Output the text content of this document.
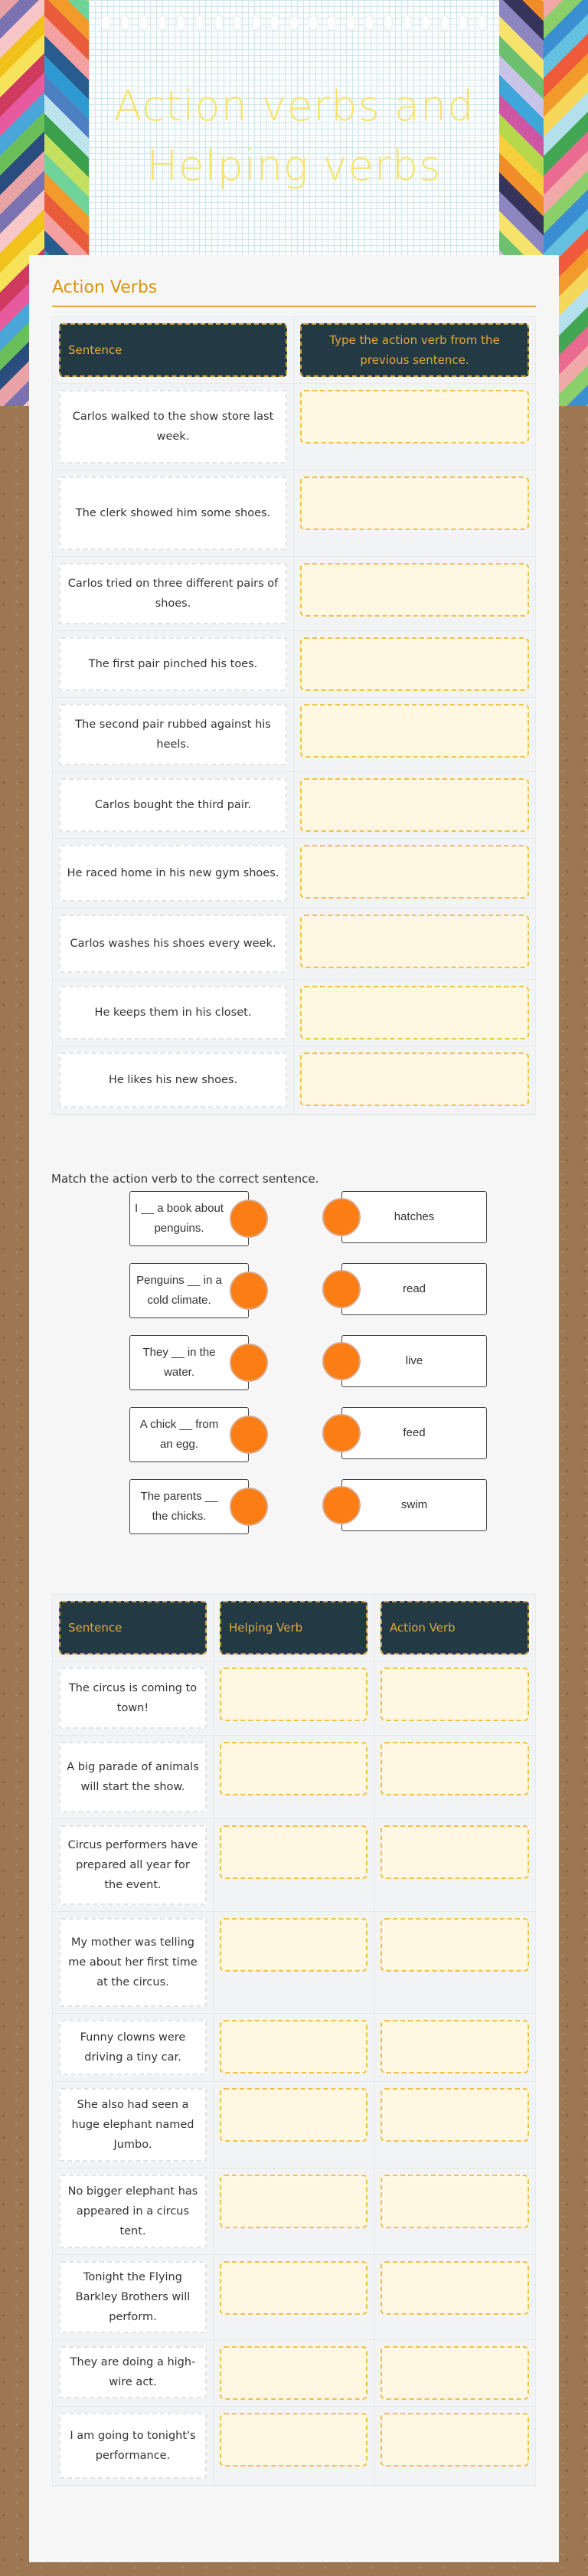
Action verbs and Helping verbs
Action Verbs
Sentence
Type the action verb from the previous sentence.
Carlos walked to the show store last week.
The clerk showed him some shoes.
Carlos tried on three different pairs of shoes.
The first pair pinched his toes.
The second pair rubbed against his heels.
Carlos bought the third pair.
He raced home in his new gym shoes.
Carlos washes his shoes every week.
He keeps them in his closet.
He likes his new shoes.
Match the action verb to the correct sentence.
I __ a book about penguins.
hatches
Penguins __ in a cold climate.
read
They __ in the water.
live
A chick __ from an egg.
feed
The parents __ the chicks.
swim
Sentence	Helping Verb	Action Verb
The circus is coming to town!
A big parade of animals will start the show.
Circus performers have prepared all year for the event.
My mother was telling me about her first time at the circus.
Funny clowns were driving a tiny car.
She also had seen a huge elephant named Jumbo.
No bigger elephant has appeared in a circus tent.
Tonight the Flying Barkley Brothers will perform.
They are doing a high-wire act.
I am going to tonight's performance.
